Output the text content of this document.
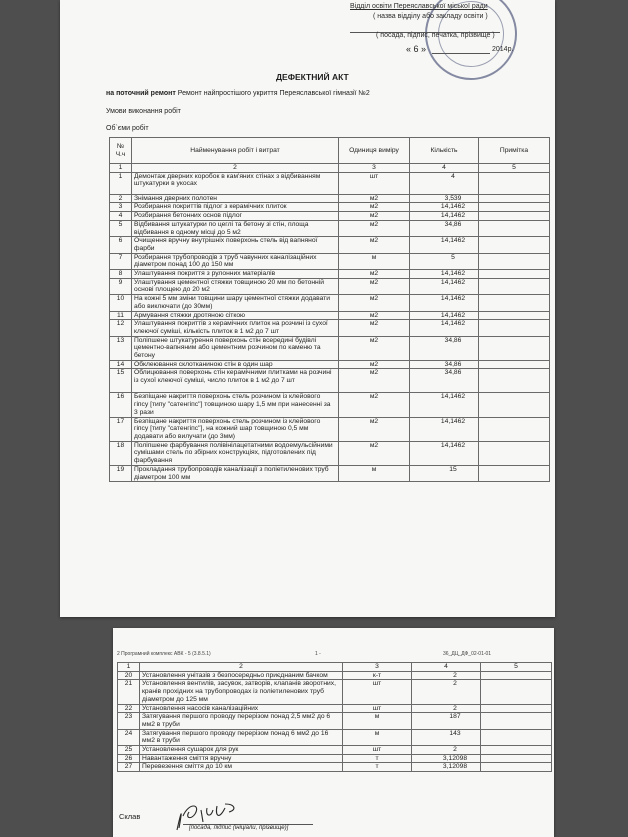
Відділ освіти Переяславської міської ради
( назва відділу або закладу освіти )
( посада, підпис, печатка, прізвище )
« 6 »	2014р.
ДЕФЕКТНИЙ АКТ
на поточний ремонт Ремонт найпростішого укриття Переяславської гімназії №2
Умови виконання робіт
Об`єми робіт
№ Ч.ч	Найменування робіт і витрат	Одиниця виміру	Кількість	Примітка
1	2	3	4	5
1	Демонтаж дверних коробок в кам'яних стінах з відбиванням штукатурки в укосах	шт	4	
2	Знімання дверних полотен	м2	3,539	
3	Розбирання покриттів підлог з керамічних плиток	м2	14,1462	
4	Розбирання бетонних основ підлог	м2	14,1462	
5	Відбивання штукатурки по цеглі та бетону зі стін, площа відбивання в одному місці до 5 м2	м2	34,86	
6	Очищення вручну внутрішніх поверхонь стель від вапняної фарби	м2	14,1462	
7	Розбирання трубопроводів з труб чавунних каналізаційних діаметром понад 100 до 150 мм	м	5	
8	Улаштування покриття з рулонних матеріалів	м2	14,1462	
9	Улаштування цементної стяжки товщиною 20 мм по бетонній основі площею до 20 м2	м2	14,1462	
10	На кожні 5 мм зміни товщини шару цементної стяжки додавати або виключати (до 30мм)	м2	14,1462	
11	Армування стяжки дротяною сіткою	м2	14,1462	
12	Улаштування покриттів з керамічних плиток на розчині із сухої клеючої суміші, кількість плиток в 1 м2 до 7 шт	м2	14,1462	
13	Поліпшене штукатурення поверхонь стін всередині будівлі цементно-вапняним або цементним розчином по каменю та бетону	м2	34,86	
14	Обклеювання склотканиною стін в один шар	м2	34,86	
15	Облицювання поверхонь стін керамічними плитками на розчині із сухої клеючої суміші, число плиток в 1 м2 до 7 шт	м2	34,86	
16	Безпіщане накриття поверхонь стель розчином із клейового гіпсу [типу "сатенгіпс"] товщиною шару 1,5 мм при нанесенні за 3 рази	м2	14,1462	
17	Безпіщане накриття поверхонь стель розчином із клейового гіпсу [типу "сатенгіпс"], на кожний шар товщиною 0,5 мм додавати або вилучати (до 3мм)	м2	14,1462	
18	Поліпшене фарбування полівінілацетатними водоемульсійними сумішами стель по збірних конструкціях, підготовлених під фарбування	м2	14,1462	
19	Прокладання трубопроводів каналізації з поліетиленових труб діаметром 100 мм	м	15	
2 Програмний комплекс АВК - 5 (3.8.5.1)	1 -	36_ДЦ_ДФ_02-01-01
1	2	3	4	5
20	Установлення унітазів з безпосередньо приєднаним бачком	к-т	2	
21	Установлення вентилів, засувок, затворів, клапанів зворотних, кранів прохідних на трубопроводах із поліетиленових труб діаметром до 125 мм	шт	2	
22	Установлення насосів каналізаційних	шт	2	
23	Затягування першого проводу перерізом понад 2,5 мм2 до 6 мм2 в труби	м	187	
24	Затягування першого проводу перерізом понад 6 мм2 до 16 мм2 в труби	м	143	
25	Установлення сушарок для рук	шт	2	
26	Навантаження сміття вручну	т	3,12098	
27	Перевезення сміття до 10 км	т	3,12098	
Склав
[посада, підпис (ініціали, прізвище)]
